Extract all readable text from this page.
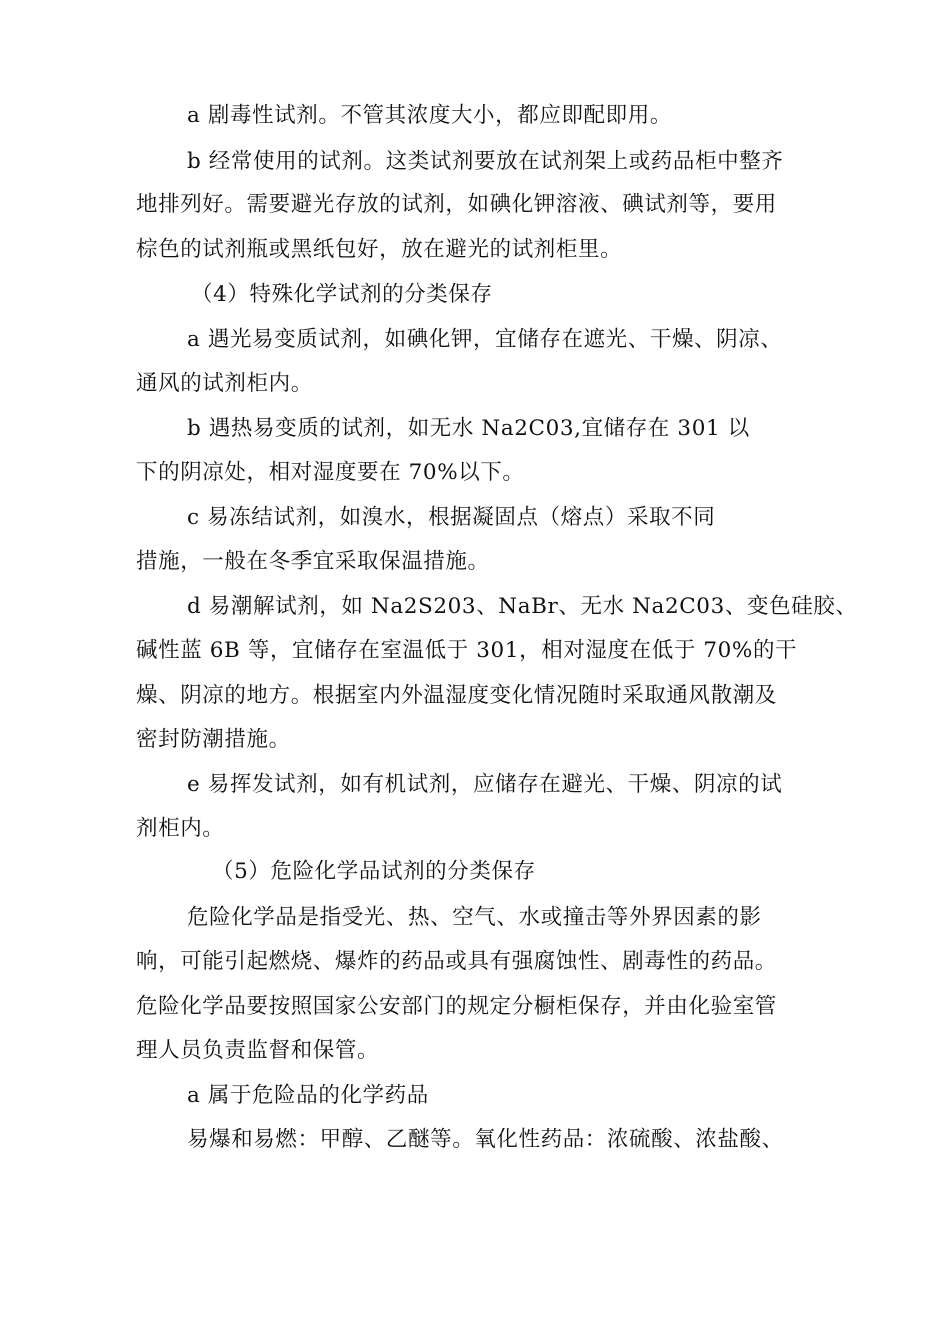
a 剧毒性试剂。不管其浓度大小，都应即配即用。
b 经常使用的试剂。这类试剂要放在试剂架上或药品柜中整齐
地排列好。需要避光存放的试剂，如碘化钾溶液、碘试剂等，要用
棕色的试剂瓶或黑纸包好，放在避光的试剂柜里。
（4）特殊化学试剂的分类保存
a 遇光易变质试剂，如碘化钾，宜储存在遮光、干燥、阴凉、
通风的试剂柜内。
b 遇热易变质的试剂，如无水 Na2C03,宜储存在 301 以
下的阴凉处，相对湿度要在 70%以下。
c 易冻结试剂，如溴水，根据凝固点（熔点）采取不同
措施，一般在冬季宜采取保温措施。
d 易潮解试剂，如 Na2S203、NaBr、无水 Na2C03、变色硅胶、
碱性蓝 6B 等，宜储存在室温低于 301，相对湿度在低于 70%的干
燥、阴凉的地方。根据室内外温湿度变化情况随时采取通风散潮及
密封防潮措施。
e 易挥发试剂，如有机试剂，应储存在避光、干燥、阴凉的试
剂柜内。
（5）危险化学品试剂的分类保存
危险化学品是指受光、热、空气、水或撞击等外界因素的影
响，可能引起燃烧、爆炸的药品或具有强腐蚀性、剧毒性的药品。
危险化学品要按照国家公安部门的规定分橱柜保存，并由化验室管
理人员负责监督和保管。
a 属于危险品的化学药品
易爆和易燃：甲醇、乙醚等。氧化性药品：浓硫酸、浓盐酸、
